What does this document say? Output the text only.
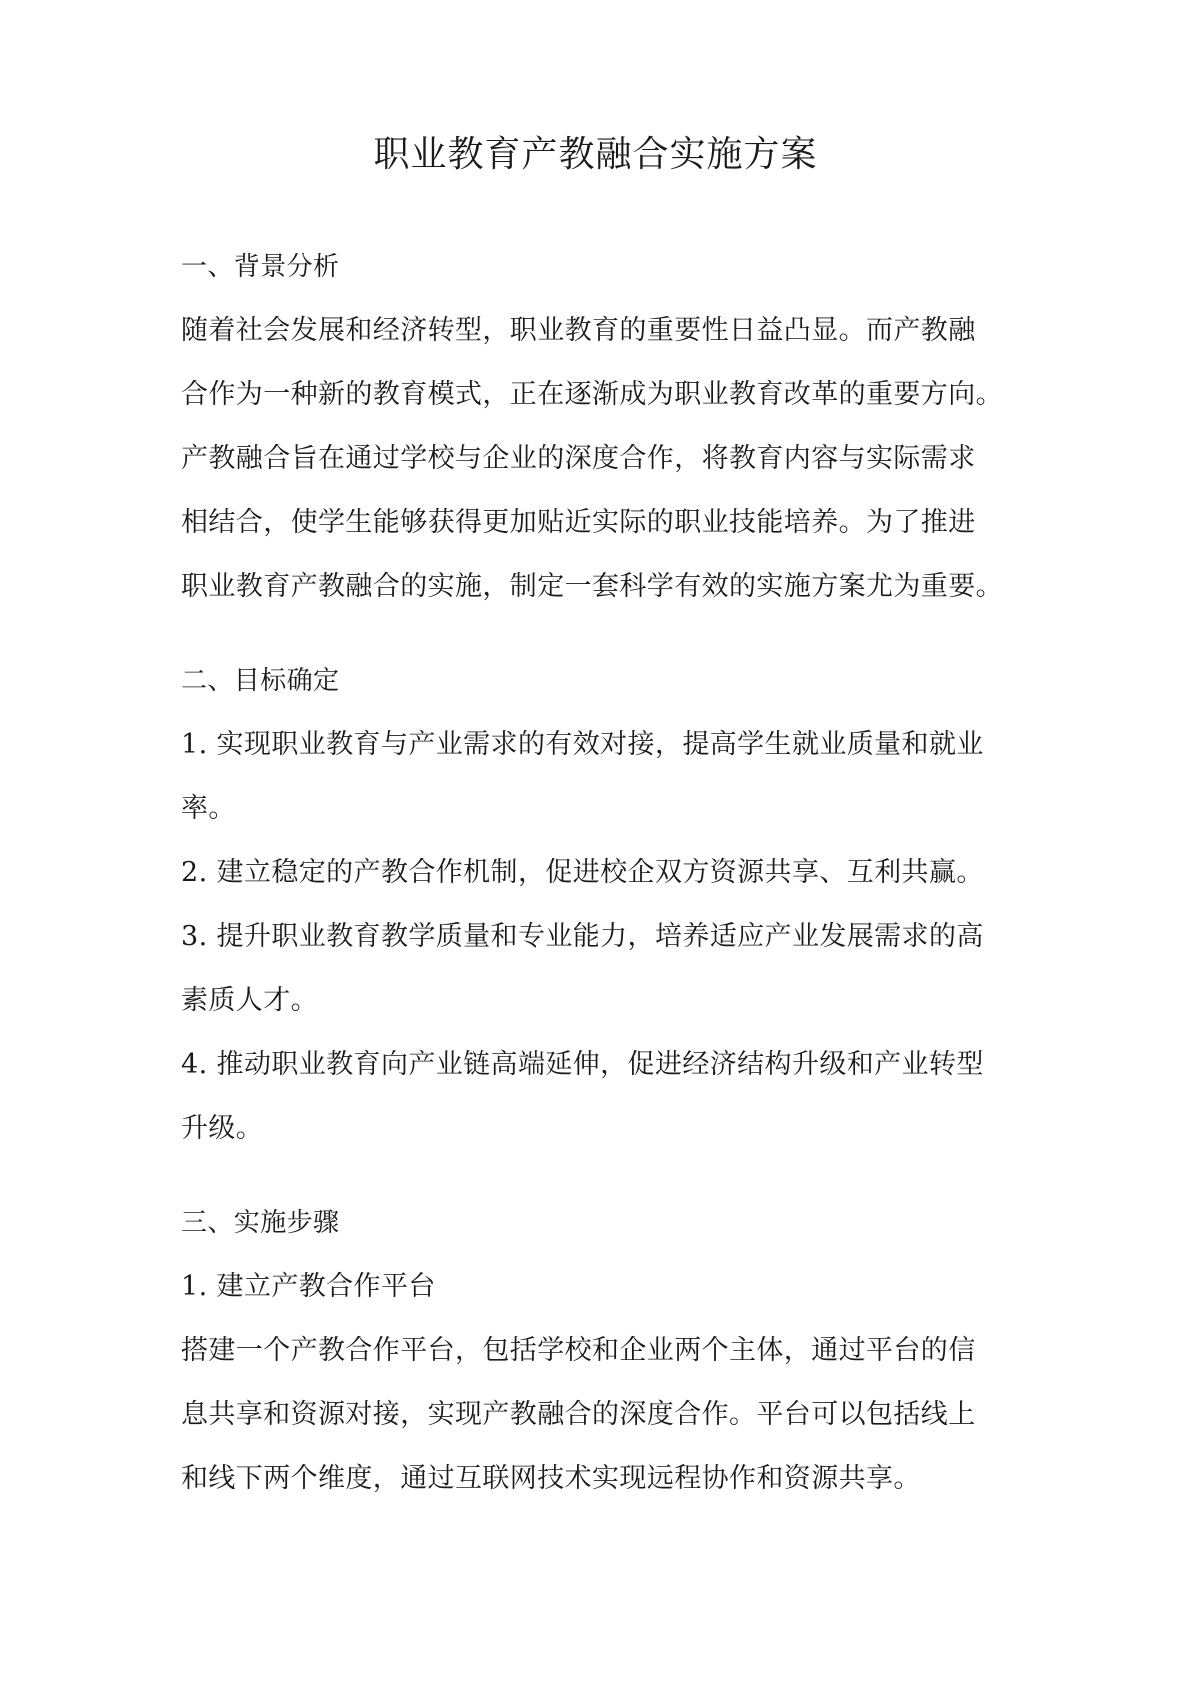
职业教育产教融合实施方案
一、背景分析
随着社会发展和经济转型，职业教育的重要性日益凸显。而产教融
合作为一种新的教育模式，正在逐渐成为职业教育改革的重要方向。
产教融合旨在通过学校与企业的深度合作，将教育内容与实际需求
相结合，使学生能够获得更加贴近实际的职业技能培养。为了推进
职业教育产教融合的实施，制定一套科学有效的实施方案尤为重要。
二、目标确定
1. 实现职业教育与产业需求的有效对接，提高学生就业质量和就业
率。
2. 建立稳定的产教合作机制，促进校企双方资源共享、互利共赢。
3. 提升职业教育教学质量和专业能力，培养适应产业发展需求的高
素质人才。
4. 推动职业教育向产业链高端延伸，促进经济结构升级和产业转型
升级。
三、实施步骤
1. 建立产教合作平台
搭建一个产教合作平台，包括学校和企业两个主体，通过平台的信
息共享和资源对接，实现产教融合的深度合作。平台可以包括线上
和线下两个维度，通过互联网技术实现远程协作和资源共享。
